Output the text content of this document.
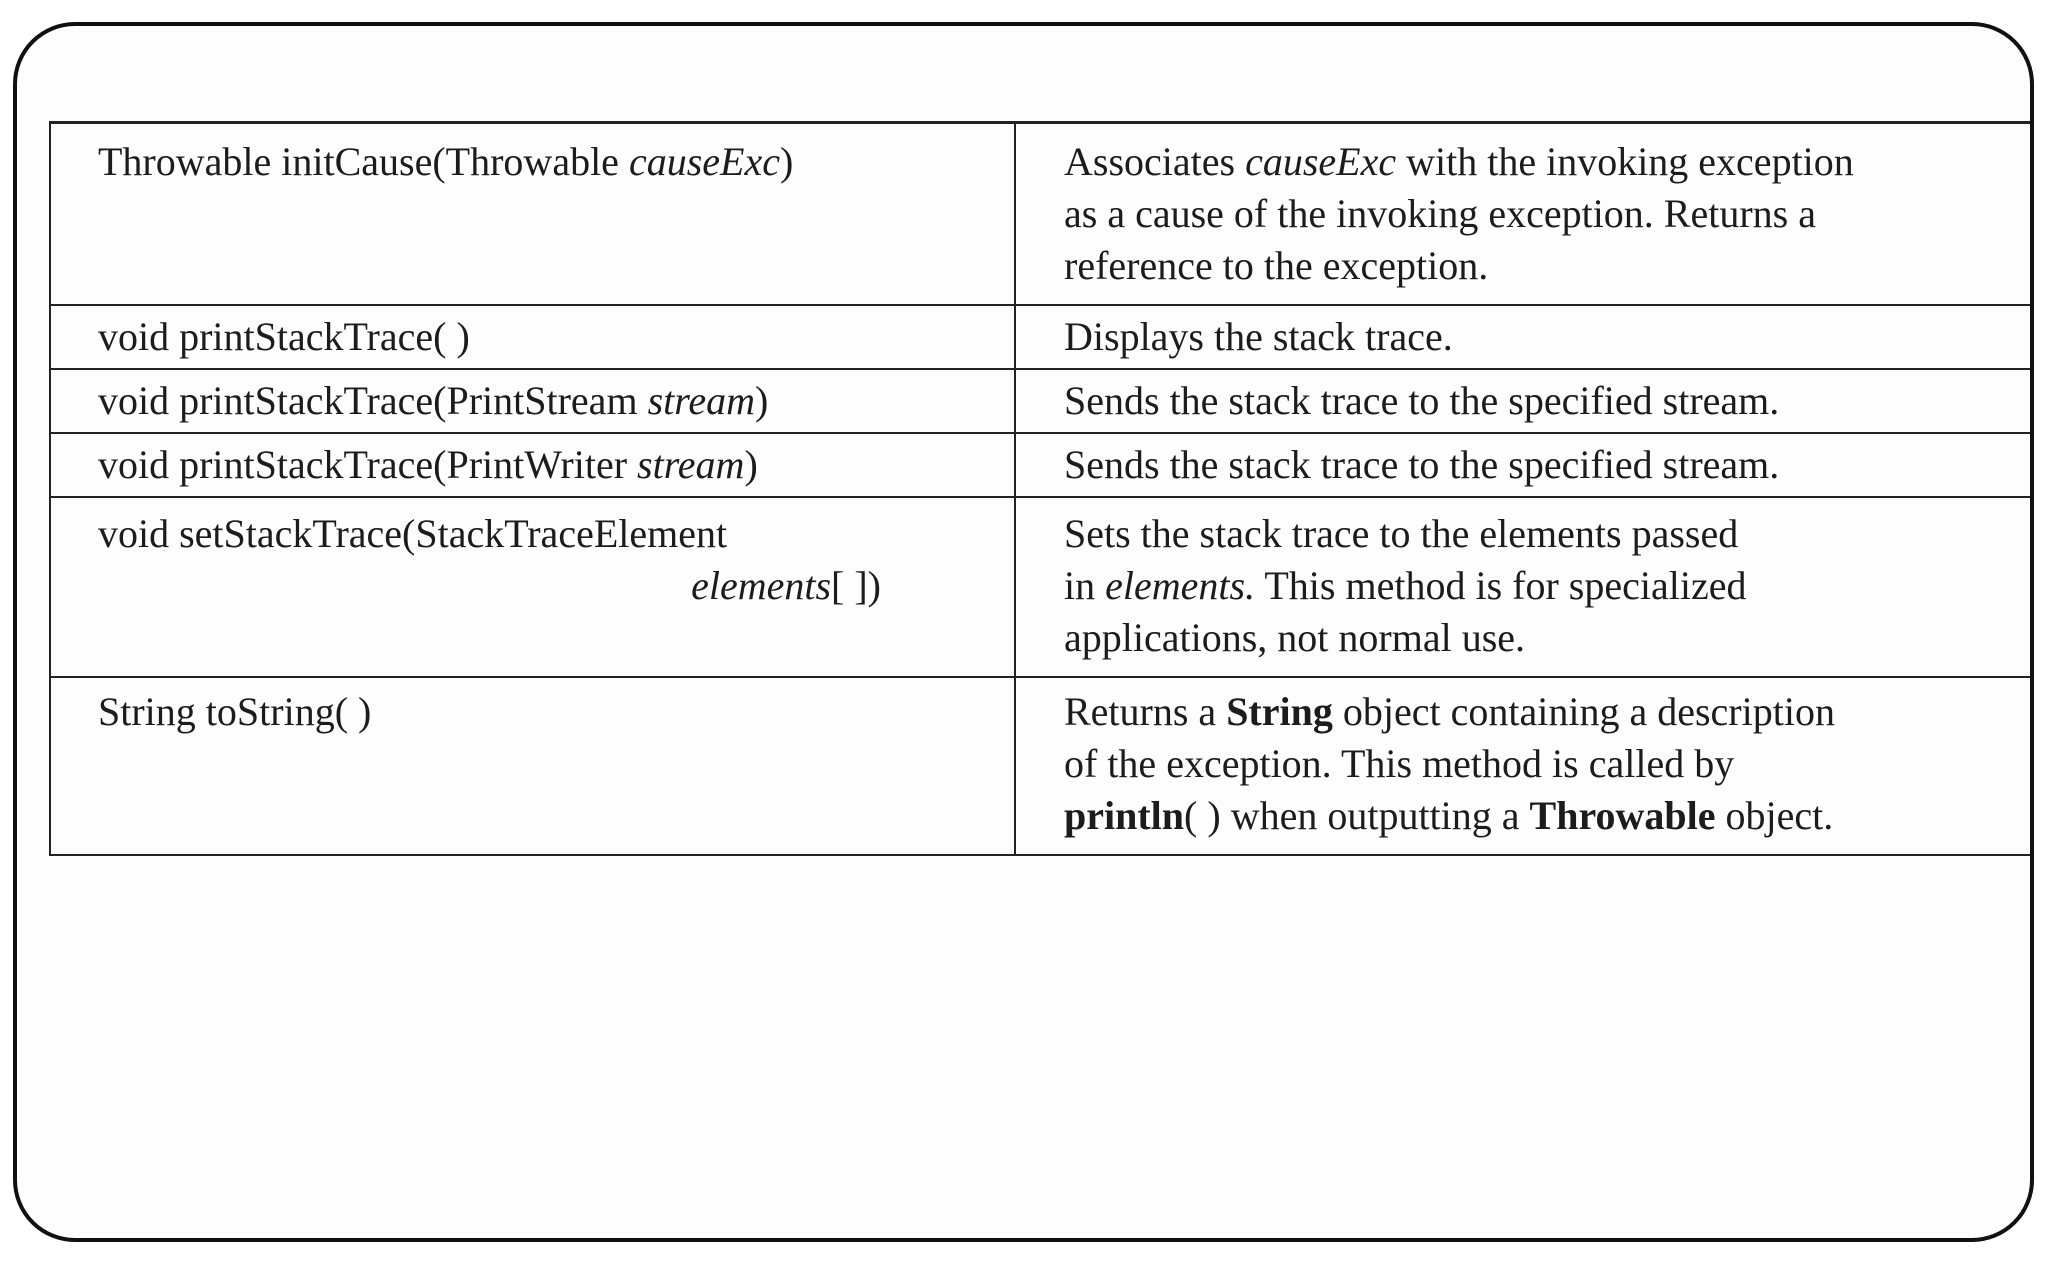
Throwable initCause(Throwable causeExc)	Associates causeExc with the invoking exception
as a cause of the invoking exception. Returns a
reference to the exception.
void printStackTrace( )	Displays the stack trace.
void printStackTrace(PrintStream stream)	Sends the stack trace to the specified stream.
void printStackTrace(PrintWriter stream)	Sends the stack trace to the specified stream.
void setStackTrace(StackTraceElement
elements[ ])	Sets the stack trace to the elements passed
in elements. This method is for specialized
applications, not normal use.
String toString( )	Returns a String object containing a description
of the exception. This method is called by
println( ) when outputting a Throwable object.
